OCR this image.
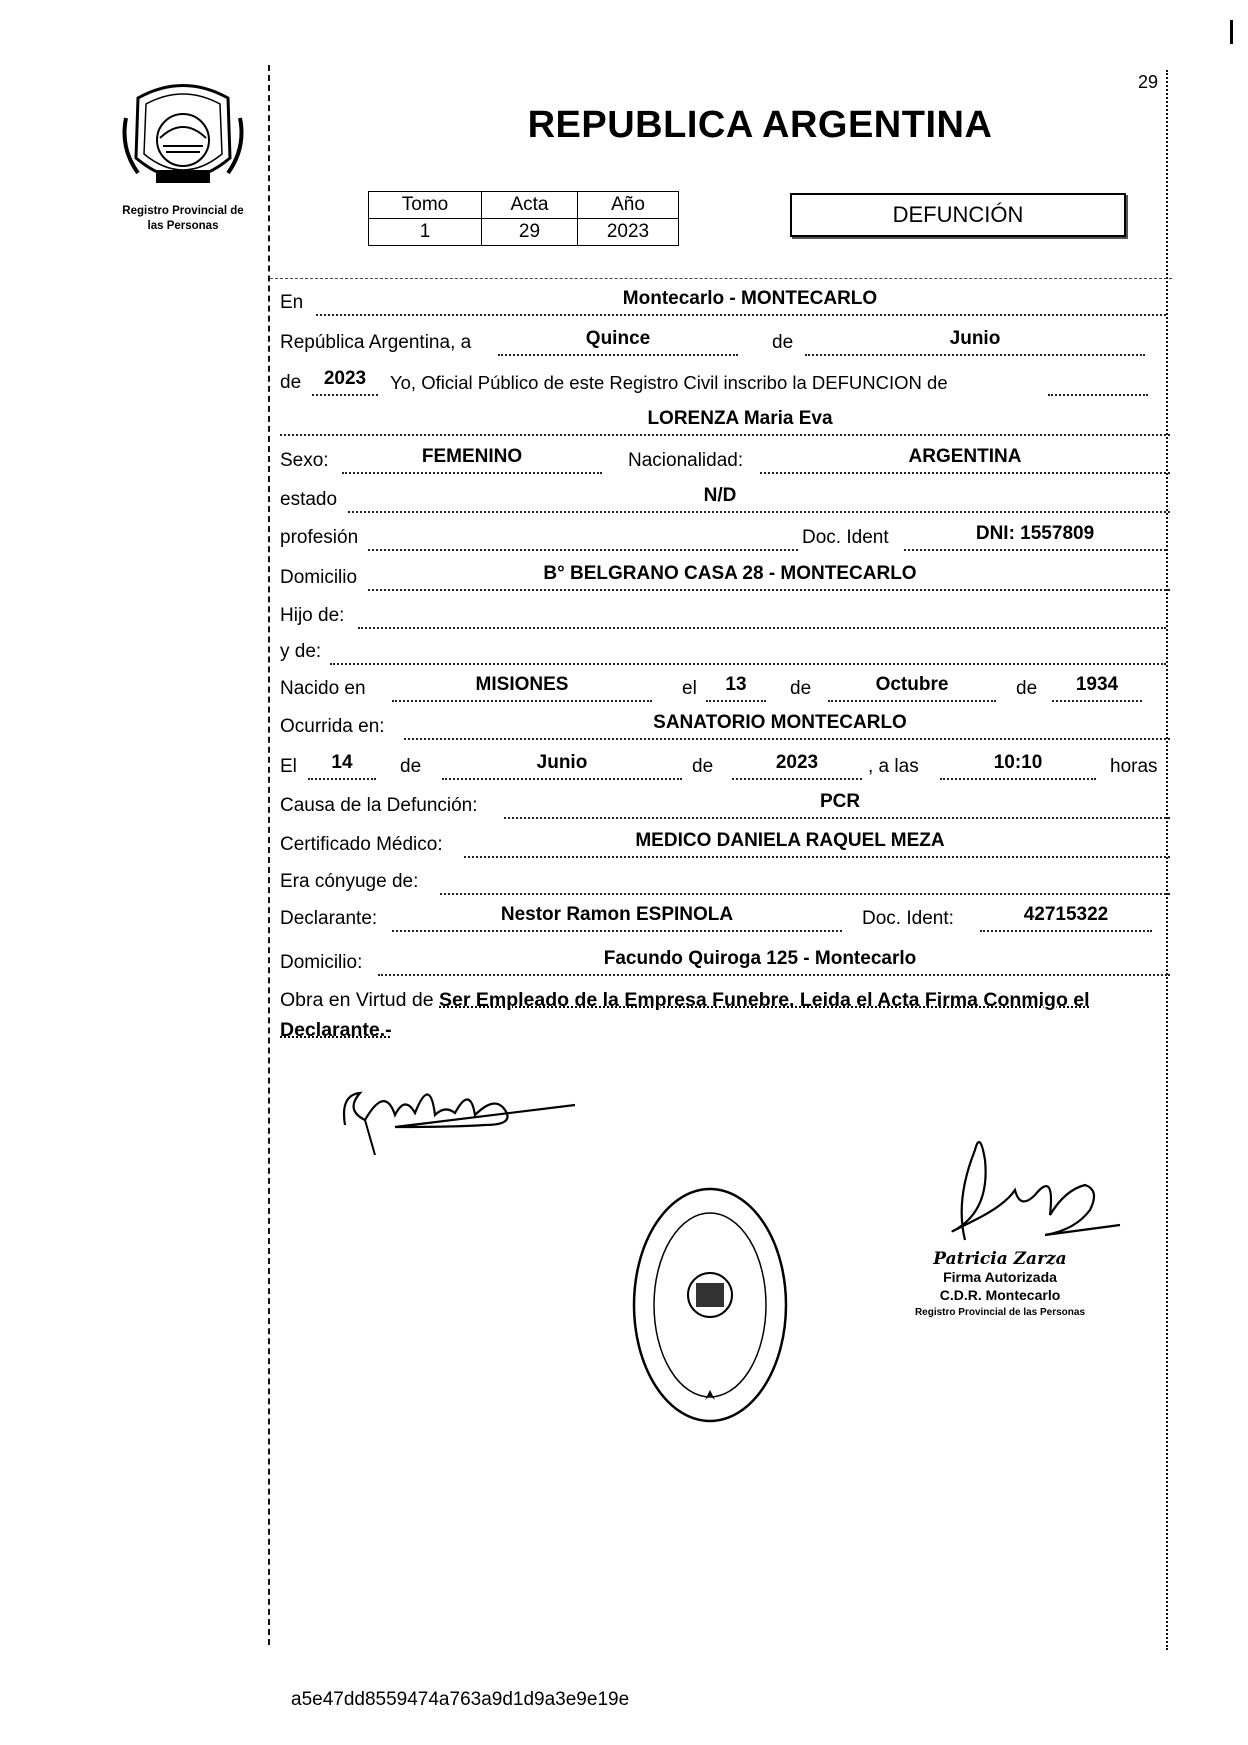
Registro Provincial de
las Personas
29
REPUBLICA ARGENTINA
Tomo	Acta	Año
1	29	2023
DEFUNCIÓN
En	Montecarlo - MONTECARLO
República Argentina, a	Quince	de	Junio
de	2023	Yo, Oficial Público de este Registro Civil inscribo la DEFUNCION de
LORENZA Maria Eva
Sexo:	FEMENINO	Nacionalidad:	ARGENTINA
estado	N/D
profesión	Doc. Ident	DNI: 1557809
Domicilio	B° BELGRANO CASA 28 - MONTECARLO
Hijo de:
y de:
Nacido en	MISIONES	el	13	de	Octubre	de	1934
Ocurrida en:	SANATORIO MONTECARLO
El	14	de	Junio	de	2023	, a las	10:10	horas
Causa de la Defunción:	PCR
Certificado Médico:	MEDICO DANIELA RAQUEL MEZA
Era cónyuge de:
Declarante:	Nestor Ramon ESPINOLA	Doc. Ident:	42715322
Domicilio:	Facundo Quiroga 125 - Montecarlo
Obra en Virtud de Ser Empleado de la Empresa Funebre. Leida el Acta Firma Conmigo el
Declarante.-
Patricia Zarza
Firma Autorizada
C.D.R. Montecarlo
Registro Provincial de las Personas
a5e47dd8559474a763a9d1d9a3e9e19e
